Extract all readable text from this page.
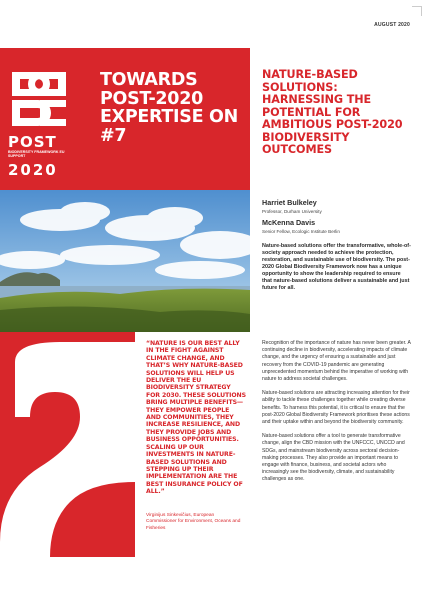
AUGUST 2020
POST
BIODIVERSITY FRAMEWORK EU SUPPORT
2020
TOWARDS POST-2020 EXPERTISE ON #7
NATURE-BASED SOLUTIONS: HARNESSING THE POTENTIAL FOR AMBITIOUS POST-2020 BIODIVERSITY OUTCOMES
Harriet Bulkeley
Professor, Durham University
McKenna Davis
Senior Fellow, Ecologic Institute Berlin
Nature-based solutions offer the transformative, whole-of-society approach needed to achieve the protection, restoration, and sustainable use of biodiversity. The post-2020 Global Biodiversity Framework now has a unique opportunity to show the leadership required to ensure that nature-based solutions deliver a sustainable and just future for all.
“NATURE IS OUR BEST ALLY IN THE FIGHT AGAINST CLIMATE CHANGE, AND THAT’S WHY NATURE-BASED SOLUTIONS WILL HELP US DELIVER THE EU BIODIVERSITY STRATEGY FOR 2030. THESE SOLUTIONS BRING MULTIPLE BENEFITS— THEY EMPOWER PEOPLE AND COMMUNITIES, THEY INCREASE RESILIENCE, AND THEY PROVIDE JOBS AND BUSINESS OPPORTUNITIES. SCALING UP OUR INVESTMENTS IN NATURE-BASED SOLUTIONS AND STEPPING UP THEIR IMPLEMENTATION ARE THE BEST INSURANCE POLICY OF ALL.”
Virginijus Sinkevičius, European Commissioner for Environment, Oceans and Fisheries

Recognition of the importance of nature has never been greater. A continuing decline in biodiversity, accelerating impacts of climate change, and the urgency of ensuring a sustainable and just recovery from the COVID-19 pandemic are generating unprecedented momentum behind the imperative of working with nature to address societal challenges.

Nature-based solutions are attracting increasing attention for their ability to tackle these challenges together while creating diverse benefits. To harness this potential, it is critical to ensure that the post-2020 Global Biodiversity Framework prioritises these actions and their uptake within and beyond the biodiversity community.

Nature-based solutions offer a tool to generate transformative change, align the CBD mission with the UNFCCC, UNCCD and SDGs, and mainstream biodiversity across sectoral decision-making processes. They also provide an important means to engage with finance, business, and societal actors who increasingly see the biodiversity, climate, and sustainability challenges as one.

22
